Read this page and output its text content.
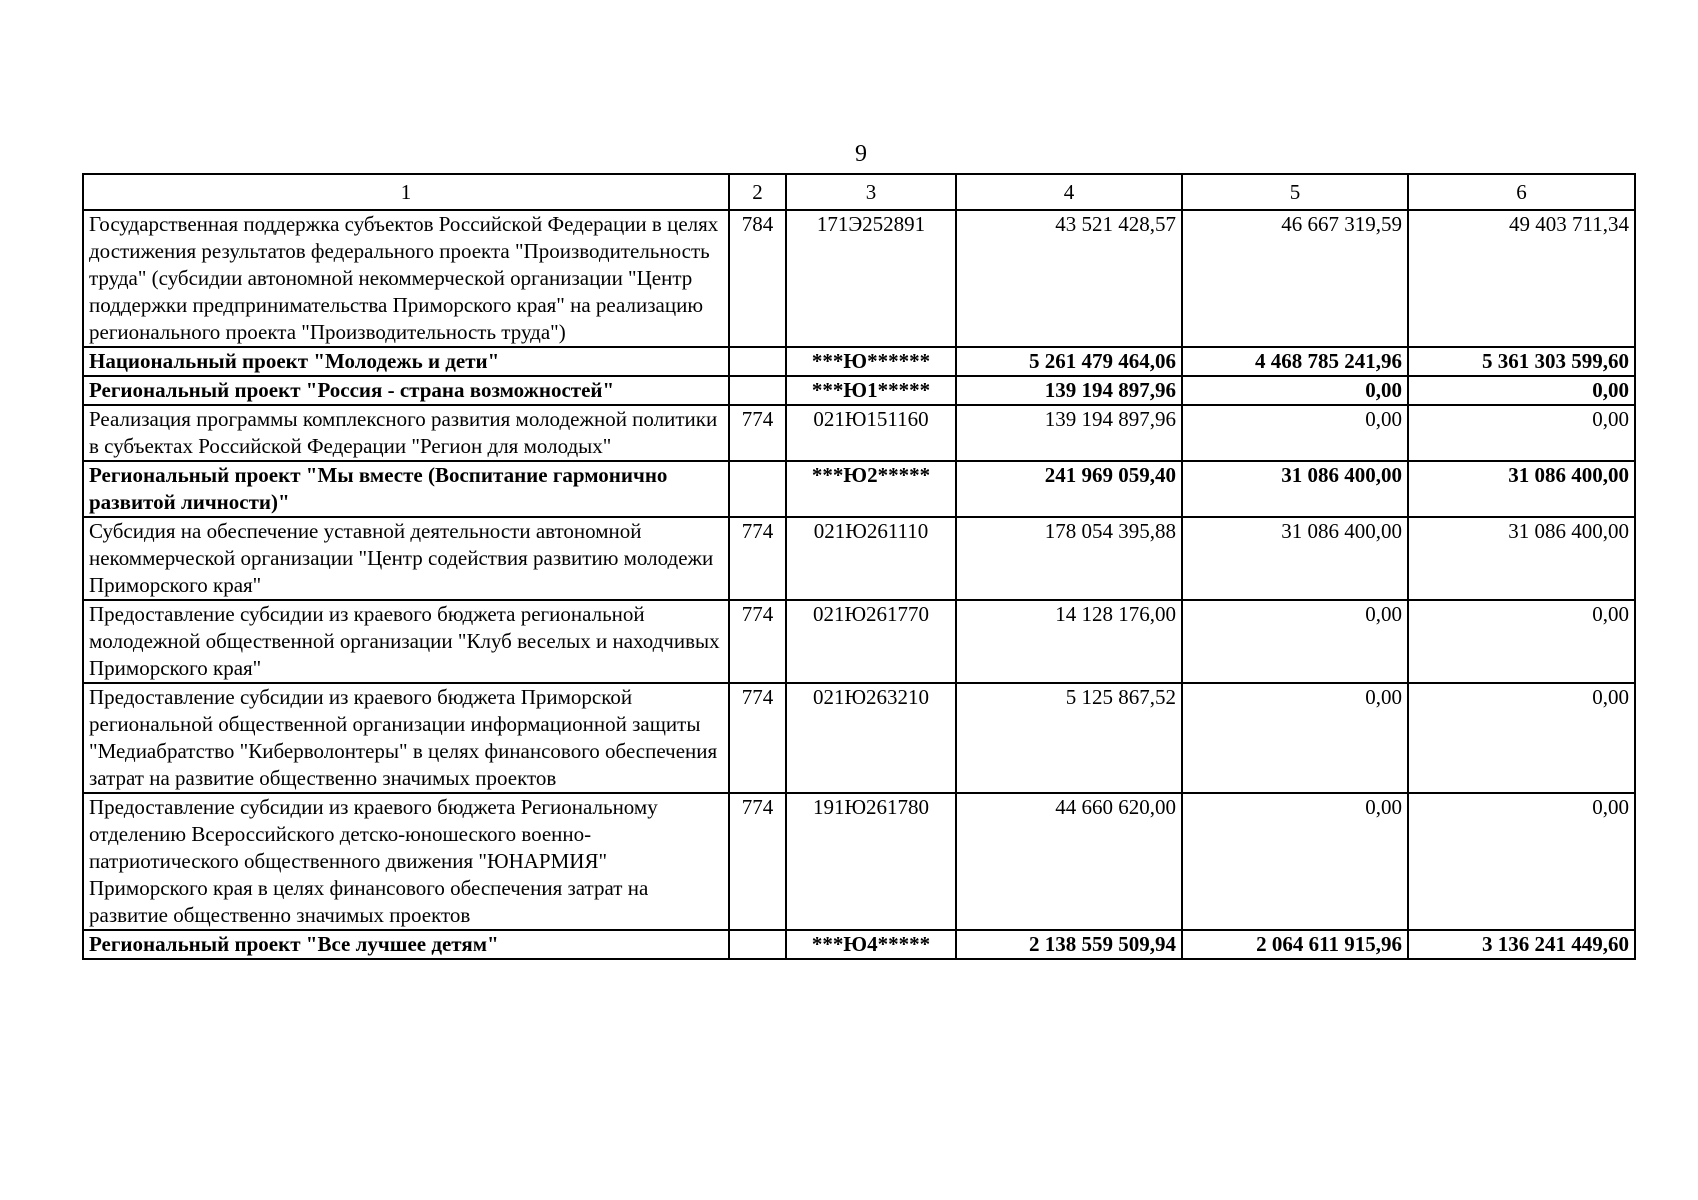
9
1	2	3	4	5	6
Государственная поддержка субъектов Российской Федерации в целях достижения результатов федерального проекта "Производительность труда" (субсидии автономной некоммерческой организации "Центр поддержки предпринимательства Приморского края" на реализацию регионального проекта "Производительность труда")	784	171Э252891	43 521 428,57	46 667 319,59	49 403 711,34
Национальный проект "Молодежь и дети"		***Ю******	5 261 479 464,06	4 468 785 241,96	5 361 303 599,60
Региональный проект "Россия - страна возможностей"		***Ю1*****	139 194 897,96	0,00	0,00
Реализация программы комплексного развития молодежной политики в субъектах Российской Федерации "Регион для молодых"	774	021Ю151160	139 194 897,96	0,00	0,00
Региональный проект "Мы вместе (Воспитание гармонично развитой личности)"		***Ю2*****	241 969 059,40	31 086 400,00	31 086 400,00
Субсидия на обеспечение уставной деятельности автономной некоммерческой организации "Центр содействия развитию молодежи Приморского края"	774	021Ю261110	178 054 395,88	31 086 400,00	31 086 400,00
Предоставление субсидии из краевого бюджета региональной молодежной общественной организации "Клуб веселых и находчивых Приморского края"	774	021Ю261770	14 128 176,00	0,00	0,00
Предоставление субсидии из краевого бюджета Приморской региональной общественной организации информационной защиты "Медиабратство "Киберволонтеры" в целях финансового обеспечения затрат на развитие общественно значимых проектов	774	021Ю263210	5 125 867,52	0,00	0,00
Предоставление субсидии из краевого бюджета Региональному отделению Всероссийского детско-юношеского военно-патриотического общественного движения "ЮНАРМИЯ" Приморского края в целях финансового обеспечения затрат на развитие общественно значимых проектов	774	191Ю261780	44 660 620,00	0,00	0,00
Региональный проект "Все лучшее детям"		***Ю4*****	2 138 559 509,94	2 064 611 915,96	3 136 241 449,60
